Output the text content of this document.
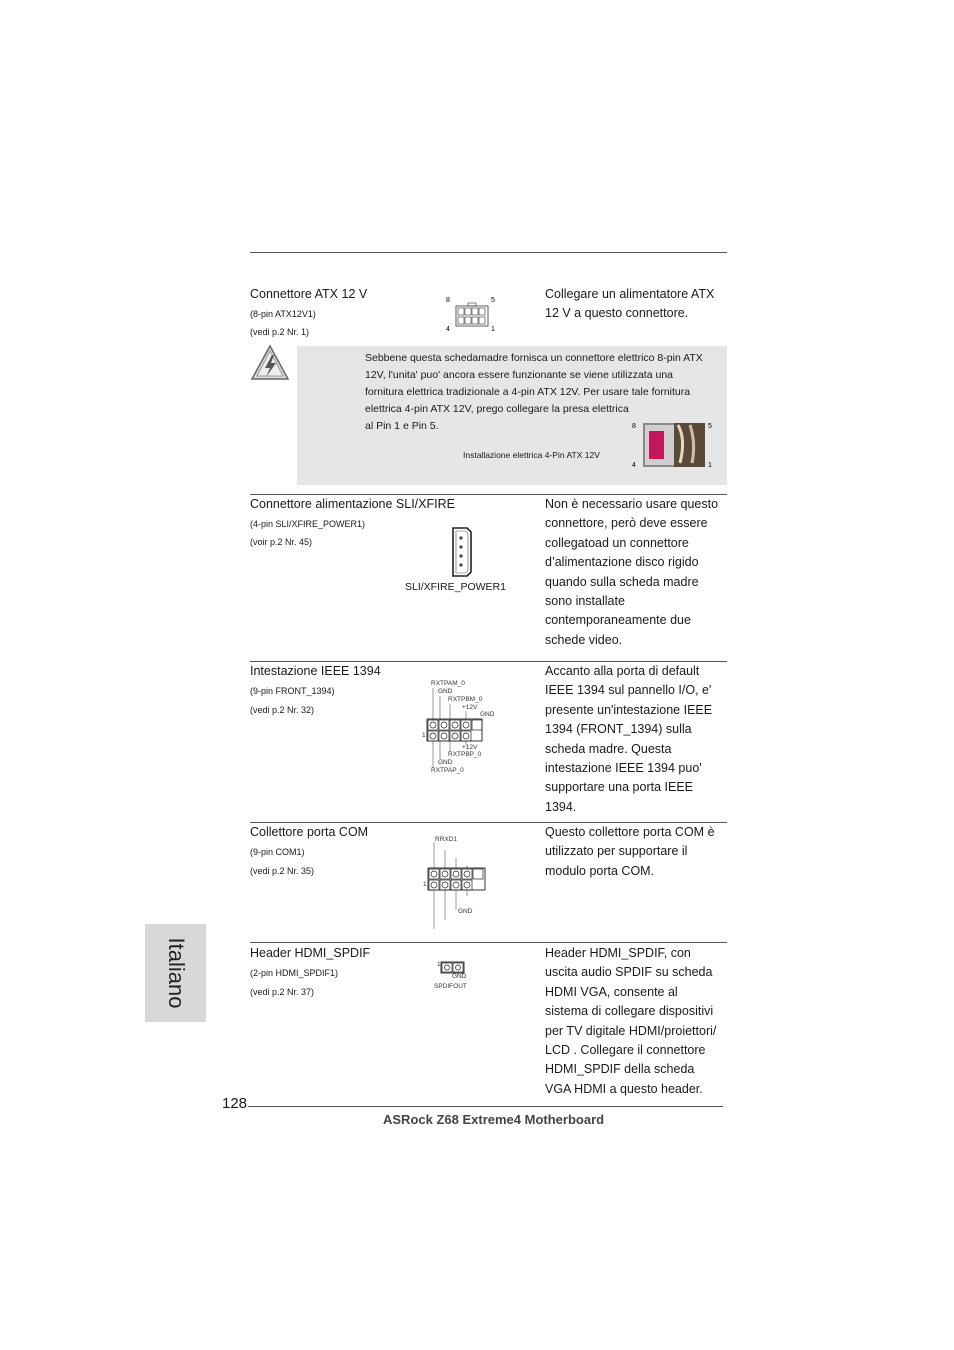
Connettore ATX 12 V
(8-pin ATX12V1)
(vedi p.2 Nr. 1)
8	5
4	1
Collegare un alimentatore ATX
12 V a questo connettore.
Sebbene questa schedamadre fornisca un connettore elettrico 8-pin ATX
12V, l'unita' puo' ancora essere funzionante se viene utilizzata una
fornitura elettrica tradizionale a 4-pin ATX 12V. Per usare tale fornitura
elettrica 4-pin ATX 12V, prego collegare la presa elettrica
al Pin 1 e Pin 5.
Installazione elettrica 4-Pin ATX 12V
8	5
4	1
Connettore alimentazione SLI/XFIRE
(4-pin SLI/XFIRE_POWER1)
(voir p.2 Nr. 45)
SLI/XFIRE_POWER1
Non è necessario usare questo
connettore, però deve essere
collegatoad un connettore
d’alimentazione disco rigido
quando sulla scheda madre
sono installate
contemporaneamente due
schede video.
Intestazione IEEE 1394
(9-pin FRONT_1394)
(vedi p.2 Nr. 32)
RXTPAM_0
GND
RXTPBM_0
+12V
GND
+12V
RXTPBP_0
GND
RXTPAP_0
1
Accanto alla porta di default
IEEE 1394 sul pannello I/O, e'
presente un'intestazione IEEE
1394 (FRONT_1394) sulla
scheda madre. Questa
intestazione IEEE 1394 puo'
supportare una porta IEEE
1394.
Collettore porta COM
(9-pin COM1)
(vedi p.2 Nr. 35)
RRXD1
GND
1
Questo collettore porta COM è
utilizzato per supportare il
modulo porta COM.
Header HDMI_SPDIF
(2-pin HDMI_SPDIF1)
(vedi p.2 Nr. 37)
1
GND
SPDIFOUT
Header HDMI_SPDIF, con
uscita audio SPDIF su scheda
HDMI VGA, consente al
sistema di collegare dispositivi
per TV digitale HDMI/proiettori/
LCD . Collegare il connettore
HDMI_SPDIF della scheda
VGA HDMI a questo header.
Italiano
128
ASRock Z68 Extreme4 Motherboard
